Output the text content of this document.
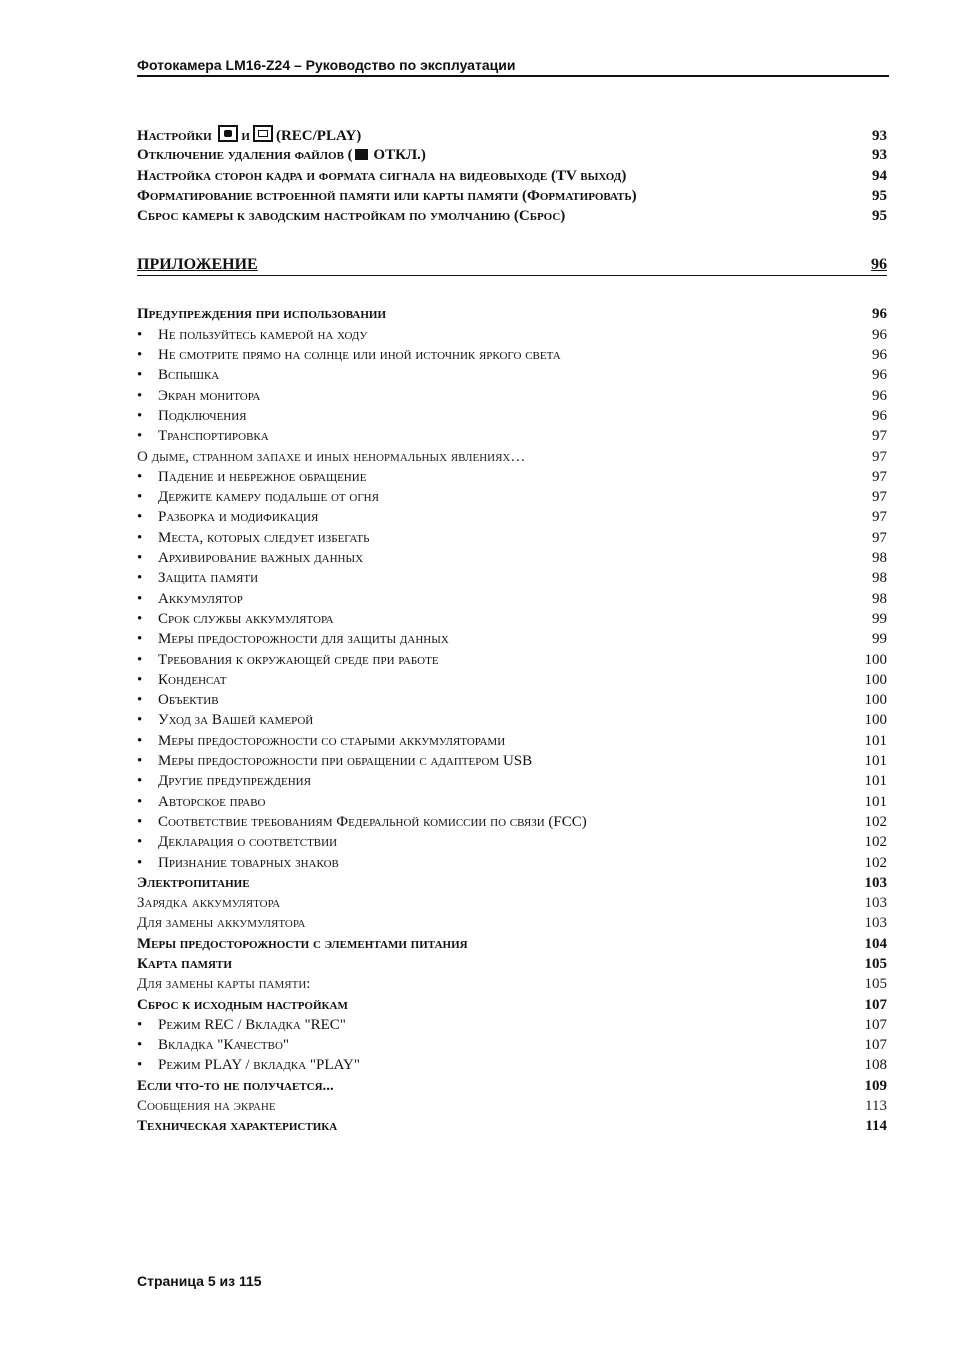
Фотокамера LM16-Z24 – Руководство по эксплуатации
Настройки и (REC/PLAY)	93
Отключение удаления файлов ( ОТКЛ.)	93
Настройка сторон кадра и формата сигнала на видеовыходе (TV выход)	94
Форматирование встроенной памяти или карты памяти (Форматировать)	95
Сброс камеры к заводским настройкам по умолчанию (Сброс)	95
ПРИЛОЖЕНИЕ	96
Предупреждения при использовании	96
• Не пользуйтесь камерой на ходу	96
• Не смотрите прямо на солнце или иной источник яркого света	96
• Вспышка	96
• Экран монитора	96
• Подключения	96
• Транспортировка	97
О дыме, странном запахе и иных ненормальных явлениях…	97
• Падение и небрежное обращение	97
• Держите камеру подальше от огня	97
• Разборка и модификация	97
• Места, которых следует избегать	97
• Архивирование важных данных	98
• Защита памяти	98
• Аккумулятор	98
• Срок службы аккумулятора	99
• Меры предосторожности для защиты данных	99
• Требования к окружающей среде при работе	100
• Конденсат	100
• Объектив	100
• Уход за Вашей камерой	100
• Меры предосторожности со старыми аккумуляторами	101
• Меры предосторожности при обращении с адаптером USB	101
• Другие предупреждения	101
• Авторское право	101
• Соответствие требованиям Федеральной комиссии по связи (FCC)	102
• Декларация о соответствии	102
• Признание товарных знаков	102
Электропитание	103
Зарядка аккумулятора	103
Для замены аккумулятора	103
Меры предосторожности с элементами питания	104
Карта памяти	105
Для замены карты памяти:	105
Сброс к исходным настройкам	107
• Режим REC / Вкладка "REC"	107
• Вкладка "Качество"	107
• Режим PLAY / вкладка "PLAY"	108
Если что-то не получается...	109
Сообщения на экране	113
Техническая характеристика	114
Страница 5 из 115
